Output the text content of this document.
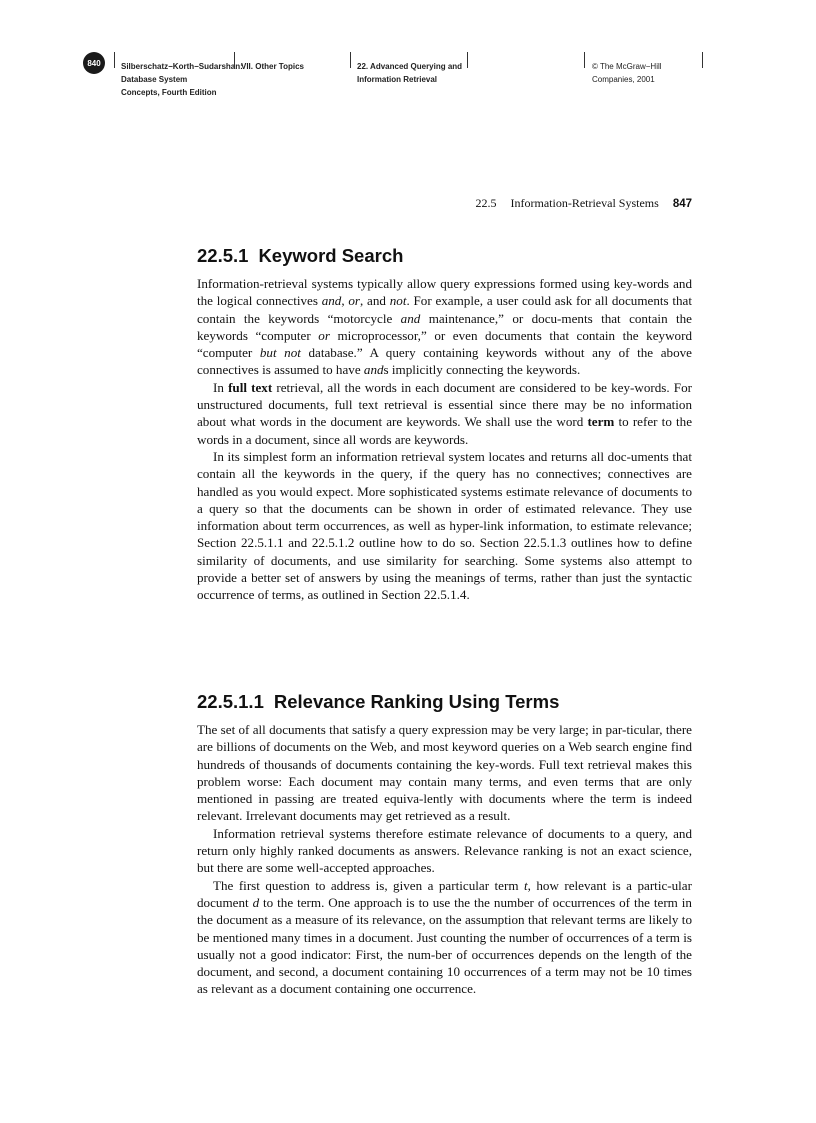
840	Silberschatz−Korth−Sudarshan:
Database System
Concepts, Fourth Edition
VII. Other Topics	22. Advanced Querying and
Information Retrieval
© The McGraw−Hill
Companies, 2001
22.5 Information-Retrieval Systems 847
22.5.1 Keyword Search

Information-retrieval systems typically allow query expressions formed using key-words and the logical connectives and, or, and not. For example, a user could ask for all documents that contain the keywords “motorcycle and maintenance,” or docu-ments that contain the keywords “computer or microprocessor,” or even documents that contain the keyword “computer but not database.” A query containing keywords without any of the above connectives is assumed to have ands implicitly connecting the keywords.

In full text retrieval, all the words in each document are considered to be key-words. For unstructured documents, full text retrieval is essential since there may be no information about what words in the document are keywords. We shall use the word term to refer to the words in a document, since all words are keywords.

In its simplest form an information retrieval system locates and returns all doc-uments that contain all the keywords in the query, if the query has no connectives; connectives are handled as you would expect. More sophisticated systems estimate relevance of documents to a query so that the documents can be shown in order of estimated relevance. They use information about term occurrences, as well as hyper-link information, to estimate relevance; Section 22.5.1.1 and 22.5.1.2 outline how to do so. Section 22.5.1.3 outlines how to define similarity of documents, and use similarity for searching. Some systems also attempt to provide a better set of answers by using the meanings of terms, rather than just the syntactic occurrence of terms, as outlined in Section 22.5.1.4.

22.5.1.1 Relevance Ranking Using Terms

The set of all documents that satisfy a query expression may be very large; in par-ticular, there are billions of documents on the Web, and most keyword queries on a Web search engine find hundreds of thousands of documents containing the key-words. Full text retrieval makes this problem worse: Each document may contain many terms, and even terms that are only mentioned in passing are treated equiva-lently with documents where the term is indeed relevant. Irrelevant documents may get retrieved as a result.

Information retrieval systems therefore estimate relevance of documents to a query, and return only highly ranked documents as answers. Relevance ranking is not an exact science, but there are some well-accepted approaches.

The first question to address is, given a particular term t, how relevant is a partic-ular document d to the term. One approach is to use the the number of occurrences of the term in the document as a measure of its relevance, on the assumption that relevant terms are likely to be mentioned many times in a document. Just counting the number of occurrences of a term is usually not a good indicator: First, the num-ber of occurrences depends on the length of the document, and second, a document containing 10 occurrences of a term may not be 10 times as relevant as a document containing one occurrence.
